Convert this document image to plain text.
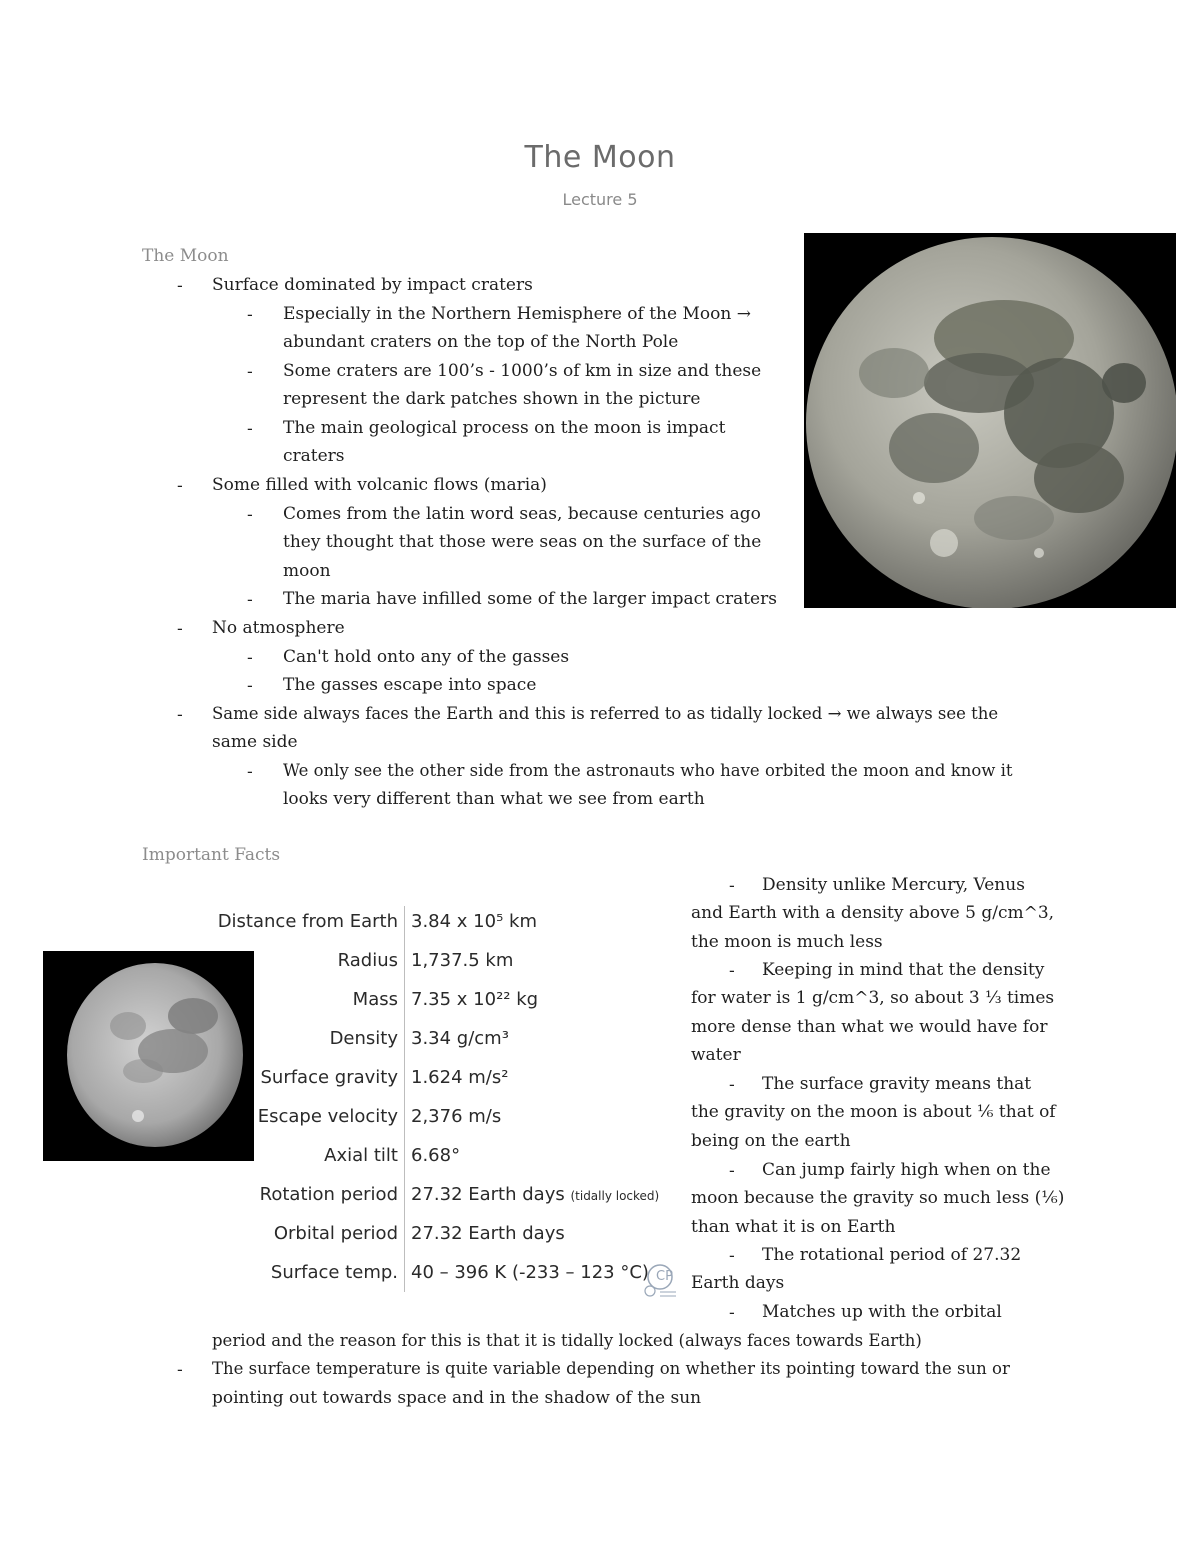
The Moon
Lecture 5
The Moon
- Surface dominated by impact craters
- Especially in the Northern Hemisphere of the Moon →
abundant craters on the top of the North Pole
- Some craters are 100’s - 1000’s of km in size and these
represent the dark patches shown in the picture
- The main geological process on the moon is impact
craters
- Some filled with volcanic flows (maria)
- Comes from the latin word seas, because centuries ago
they thought that those were seas on the surface of the
moon
- The maria have infilled some of the larger impact craters
- No atmosphere
- Can't hold onto any of the gasses
- The gasses escape into space
- Same side always faces the Earth and this is referred to as tidally locked → we always see the
same side
- We only see the other side from the astronauts who have orbited the moon and know it
looks very different than what we see from earth
Important Facts
Distance from Earth 3.84 x 10⁵ km
Radius 1,737.5 km
Mass 7.35 x 10²² kg
Density 3.34 g/cm³
Surface gravity 1.624 m/s²
Escape velocity 2,376 m/s
Axial tilt 6.68°
Rotation period 27.32 Earth days (tidally locked)
Orbital period 27.32 Earth days
Surface temp. 40 – 396 K (-233 – 123 °C) CP
- Density unlike Mercury, Venus
and Earth with a density above 5 g/cm^3,
the moon is much less
- Keeping in mind that the density
for water is 1 g/cm^3, so about 3 ⅓ times
more dense than what we would have for
water
- The surface gravity means that
the gravity on the moon is about ⅙ that of
being on the earth
- Can jump fairly high when on the
moon because the gravity so much less (⅙)
than what it is on Earth
- The rotational period of 27.32
Earth days
- Matches up with the orbital
period and the reason for this is that it is tidally locked (always faces towards Earth)
- The surface temperature is quite variable depending on whether its pointing toward the sun or
pointing out towards space and in the shadow of the sun
